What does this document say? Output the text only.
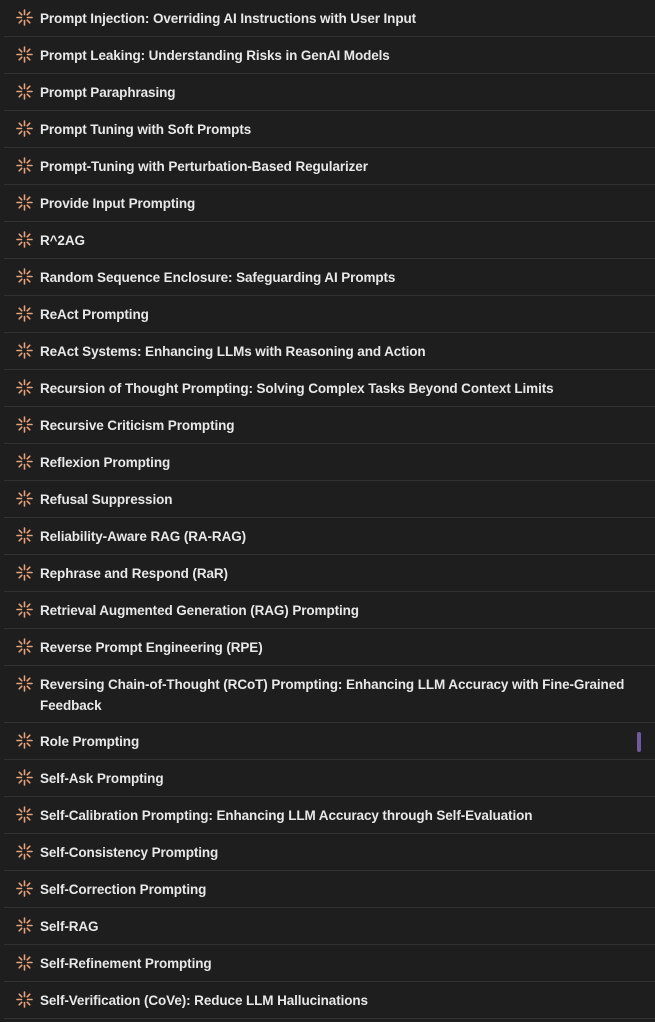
Prompt Injection: Overriding AI Instructions with User Input
Prompt Leaking: Understanding Risks in GenAI Models
Prompt Paraphrasing
Prompt Tuning with Soft Prompts
Prompt-Tuning with Perturbation-Based Regularizer
Provide Input Prompting
R^2AG
Random Sequence Enclosure: Safeguarding AI Prompts
ReAct Prompting
ReAct Systems: Enhancing LLMs with Reasoning and Action
Recursion of Thought Prompting: Solving Complex Tasks Beyond Context Limits
Recursive Criticism Prompting
Reflexion Prompting
Refusal Suppression
Reliability-Aware RAG (RA-RAG)
Rephrase and Respond (RaR)
Retrieval Augmented Generation (RAG) Prompting
Reverse Prompt Engineering (RPE)
Reversing Chain-of-Thought (RCoT) Prompting: Enhancing LLM Accuracy with Fine-Grained Feedback
Role Prompting
Self-Ask Prompting
Self-Calibration Prompting: Enhancing LLM Accuracy through Self-Evaluation
Self-Consistency Prompting
Self-Correction Prompting
Self-RAG
Self-Refinement Prompting
Self-Verification (CoVe): Reduce LLM Hallucinations
